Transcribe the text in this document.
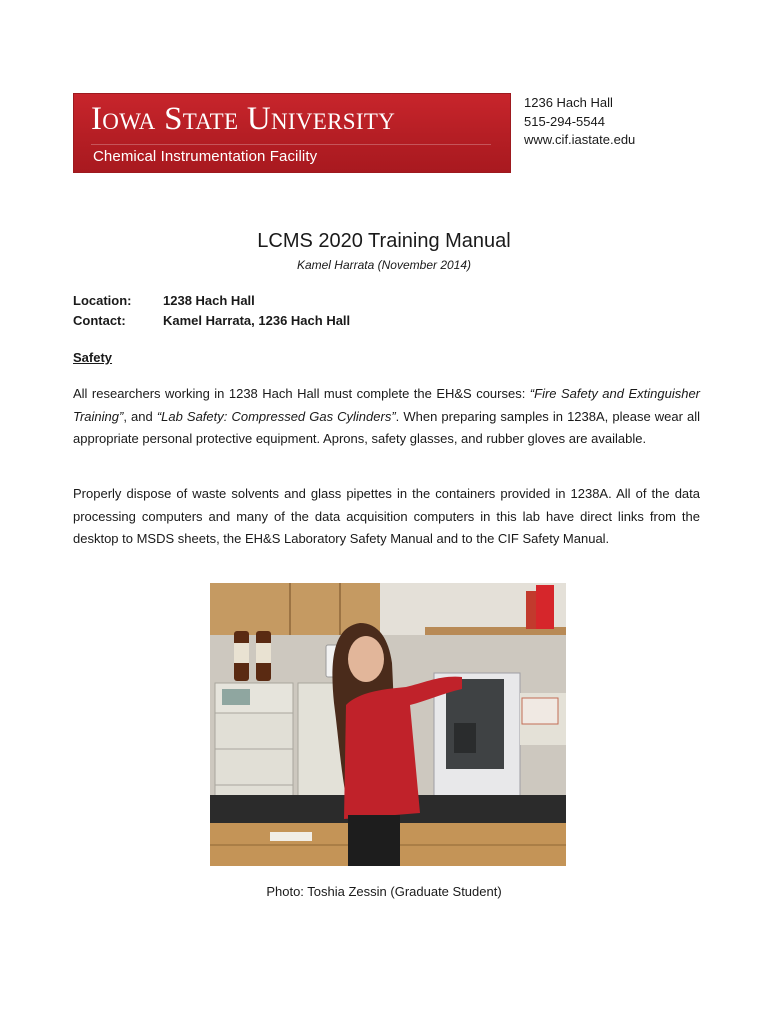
Iowa State University
Chemical Instrumentation Facility
1236 Hach Hall
515-294-5544
www.cif.iastate.edu
LCMS 2020 Training Manual
Kamel Harrata (November 2014)
Location: 1238 Hach Hall
Contact:	Kamel Harrata, 1236 Hach Hall
Safety
All researchers working in 1238 Hach Hall must complete the EH&S courses: “Fire Safety and Extinguisher Training”, and “Lab Safety: Compressed Gas Cylinders”. When preparing samples in 1238A, please wear all appropriate personal protective equipment. Aprons, safety glasses, and rubber gloves are available.
Properly dispose of waste solvents and glass pipettes in the containers provided in 1238A. All of the data processing computers and many of the data acquisition computers in this lab have direct links from the desktop to MSDS sheets, the EH&S Laboratory Safety Manual and to the CIF Safety Manual.
Photo: Toshia Zessin (Graduate Student)
